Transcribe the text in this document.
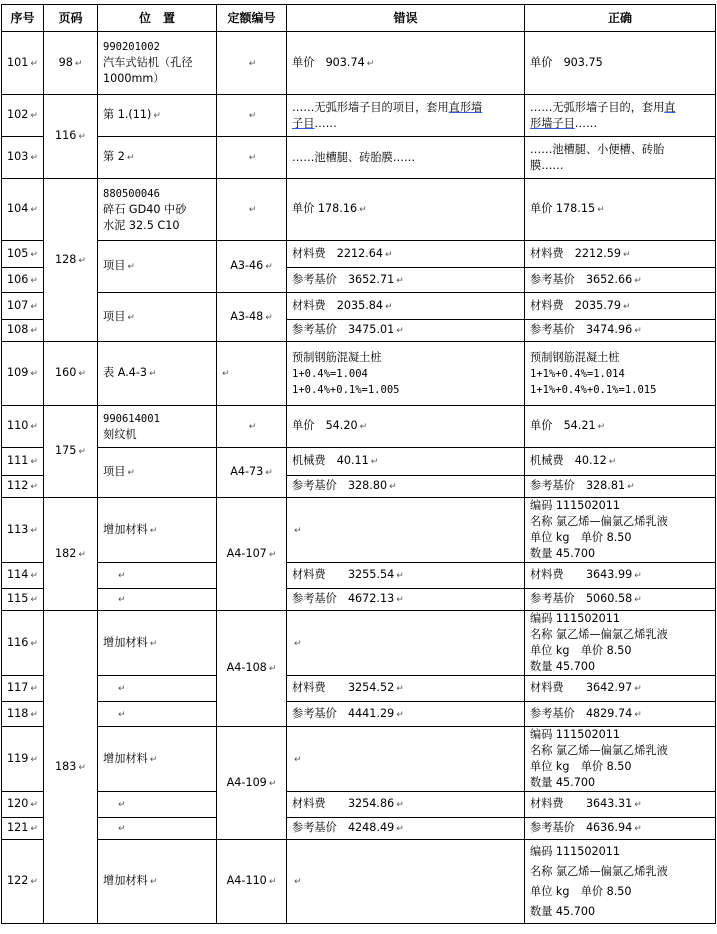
序号	页码	位　置	定额编号	错误	正确
101 ↵	98 ↵	990201002
汽车式钻机（孔径
1000mm）	↵	单价　903.74 ↵	单价　903.75
102 ↵	116 ↵	第 1.(11) ↵	↵	……无弧形墙子目的项目，套用直形墙
子目……	……无弧形墙子目的，套用直
形墙子目……
103 ↵		第 2 ↵	↵	……池槽腿、砖胎膜……	……池槽腿、小便槽、砖胎
膜……

104 ↵	128 ↵	880500046
碎石 GD40 中砂
水泥 32.5 C10	↵	单价 178.16 ↵	单价 178.15 ↵
105 ↵		项目 ↵	A3-46 ↵	材料费　2212.64 ↵	材料费　2212.59 ↵
106 ↵				参考基价　3652.71 ↵	参考基价　3652.66 ↵
107 ↵		项目 ↵	A3-48 ↵	材料费　2035.84 ↵	材料费　2035.79 ↵
108 ↵				参考基价　3475.01 ↵	参考基价　3474.96 ↵
109 ↵	160 ↵	表 A.4-3 ↵	↵	预制钢筋混凝土桩
1+0.4%=1.004
1+0.4%+0.1%=1.005	预制钢筋混凝土桩
1+1%+0.4%=1.014
1+1%+0.4%+0.1%=1.015

110 ↵	175 ↵	990614001
刻纹机	↵	单价　54.20 ↵	单价　54.21 ↵
111 ↵		项目 ↵	A4-73 ↵	机械费　40.11 ↵	机械费　40.12 ↵
112 ↵				参考基价　328.80 ↵	参考基价　328.81 ↵
113 ↵	182 ↵	增加材料 ↵	A4-107 ↵	↵	编码 111502011
名称 氯乙烯—偏氯乙烯乳液
单位 kg　单价 8.50
数量 45.700

114 ↵		↵		材料费　　3255.54 ↵	材料费　　3643.99 ↵
115 ↵		↵		参考基价　4672.13 ↵	参考基价　5060.58 ↵
116 ↵	183 ↵	增加材料 ↵	A4-108 ↵	↵	编码 111502011
名称 氯乙烯—偏氯乙烯乳液
单位 kg　单价 8.50
数量 45.700

117 ↵		↵		材料费　　3254.52 ↵	材料费　　3642.97 ↵
118 ↵		↵		参考基价　4441.29 ↵	参考基价　4829.74 ↵
119 ↵		增加材料 ↵	A4-109 ↵	↵	编码 111502011
名称 氯乙烯—偏氯乙烯乳液
单位 kg　单价 8.50
数量 45.700

120 ↵		↵		材料费　　3254.86 ↵	材料费　　3643.31 ↵
121 ↵		↵		参考基价　4248.49 ↵	参考基价　4636.94 ↵
122 ↵		增加材料 ↵	A4-110 ↵	↵	编码 111502011
名称 氯乙烯—偏氯乙烯乳液
单位 kg　单价 8.50
数量 45.700
